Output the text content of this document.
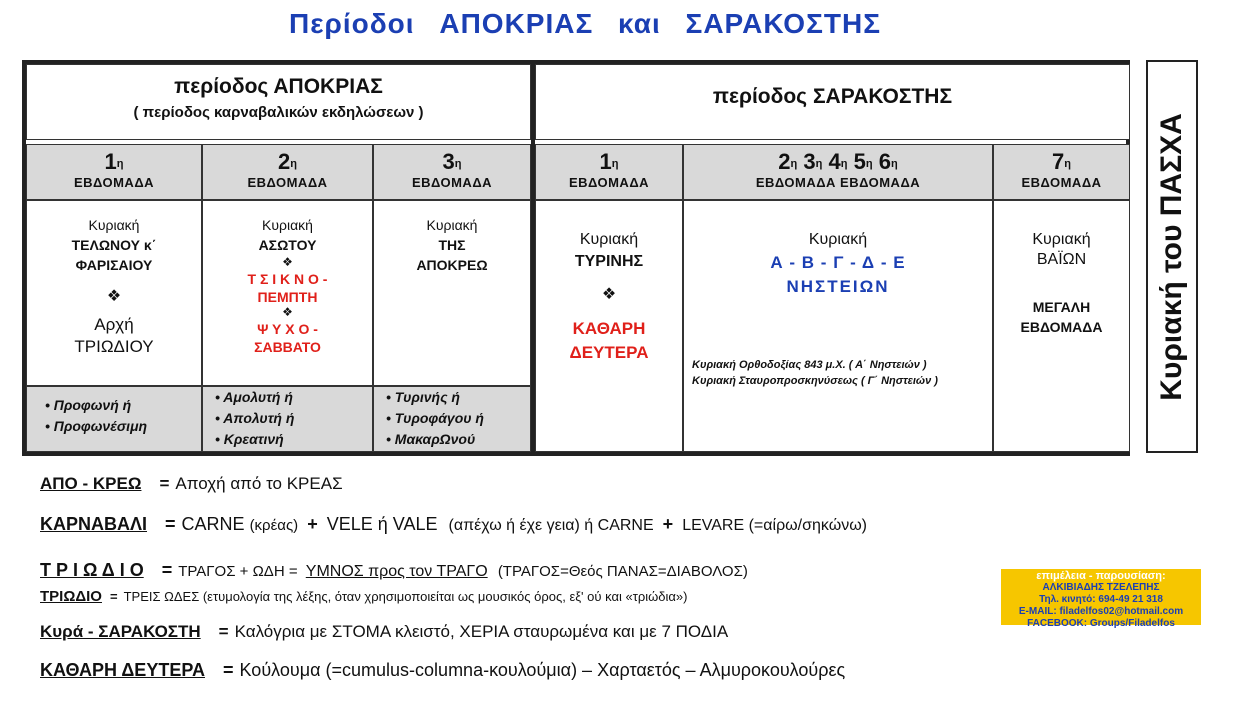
Περίοδοι ΑΠΟΚΡΙΑΣ και ΣΑΡΑΚΟΣΤΗΣ
περίοδος ΑΠΟΚΡΙΑΣ
( περίοδος καρναβαλικών εκδηλώσεων )
περίοδος ΣΑΡΑΚΟΣΤΗΣ
$1^\eta$
ΕΒΔΟΜΑΔΑ
$2^\eta$
ΕΒΔΟΜΑΔΑ
$3^\eta$
ΕΒΔΟΜΑΔΑ
$1^\eta$
ΕΒΔΟΜΑΔΑ
$2^\eta$ $3^\eta$ $4^\eta$ $5^\eta$ $6^\eta$
ΕΒΔΟΜΑΔΑ ΕΒΔΟΜΑΔΑ
$7^\eta$
ΕΒΔΟΜΑΔΑ
Κυριακή
ΤΕΛΩΝΟΥ κ΄
ΦΑΡΙΣΑΙΟΥ
❖
Αρχή
ΤΡΙΩΔΙΟΥ
Κυριακή
ΑΣΩΤΟΥ
❖
Τ Σ Ι Κ Ν Ο -
ΠΕΜΠΤΗ
❖
Ψ Υ Χ Ο -
ΣΑΒΒΑΤΟ
Κυριακή
ΤΗΣ
ΑΠΟΚΡΕΩ
• Προφωνή ή
• Προφωνέσιμη
• Αμολυτή ή
• Απολυτή ή
• Κρεατινή
• Τυρινής ή
• Τυροφάγου ή
• ΜακαρΩνού
Κυριακή
ΤΥΡΙΝΗΣ
❖
ΚΑΘΑΡΗ
ΔΕΥΤΕΡΑ
Κυριακή
Α - Β - Γ - Δ - Ε
ΝΗΣΤΕΙΩΝ
Κυριακή Ορθοδοξίας 843 μ.Χ. ( Α΄ Νηστειών )
Κυριακή Σταυροπροσκηνύσεως ( Γ΄ Νηστειών )
Κυριακή
ΒΑΪΩΝ
ΜΕΓΑΛΗ
ΕΒΔΟΜΑΔΑ	Κυριακή του ΠΑΣΧΑ
ΑΠΟ - ΚΡΕΩ = Αποχή από το ΚΡΕΑΣ
ΚΑΡΝΑΒΑΛΙ = CARNE (κρέας) + VELE ή VALE (απέχω ή έχε γεια) ή CARNE + LEVARE (=αίρω/σηκώνω)
Τ Ρ Ι Ω Δ Ι Ο = ΤΡΑΓΟΣ + ΩΔΗ = ΥΜΝΟΣ προς τον ΤΡΑΓΟ (ΤΡΑΓΟΣ=Θεός ΠΑΝΑΣ=ΔΙΑΒΟΛΟΣ)
ΤΡΙΩΔΙΟ = ΤΡΕΙΣ ΩΔΕΣ (ετυμολογία της λέξης, όταν χρησιμοποιείται ως μουσικός όρος, εξ' ού και «τριώδια»)
Κυρά - ΣΑΡΑΚΟΣΤΗ = Καλόγρια με ΣΤΟΜΑ κλειστό, ΧΕΡΙΑ σταυρωμένα και με 7 ΠΟΔΙΑ
ΚΑΘΑΡΗ ΔΕΥΤΕΡΑ = Κούλουμα (=cumulus-columna-κουλούμια) – Χαρταετός – Αλμυροκουλούρες
επιμέλεια - παρουσίαση:
ΑΛΚΙΒΙΑΔΗΣ ΤΖΕΛΕΠΗΣ
Τηλ. κινητό: 694-49 21 318
E-MAIL: filadelfos02@hotmail.com
FACEBOOK: Groups/Filadelfos
